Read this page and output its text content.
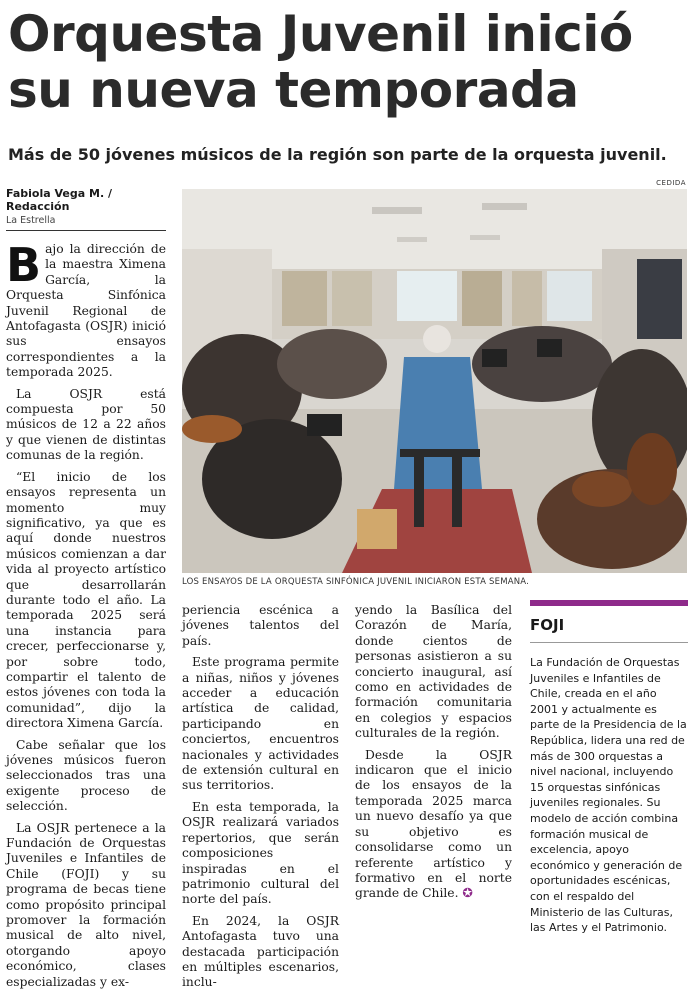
Orquesta Juvenil inició
su nueva temporada
Más de 50 jóvenes músicos de la región son parte de la orquesta juvenil.
Fabiola Vega M. / Redacción
La Estrella
CEDIDA
LOS ENSAYOS DE LA ORQUESTA SINFÓNICA JUVENIL INICIARON ESTA SEMANA.

Bajo la dirección de la maestra Ximena García, la Orquesta Sinfónica Juvenil Regional de Antofagasta (OSJR) inició sus ensayos correspondientes a la temporada 2025.

La OSJR está compuesta por 50 músicos de 12 a 22 años y que vienen de distintas comunas de la región.

“El inicio de los ensayos representa un momento muy significativo, ya que es aquí donde nuestros músicos comienzan a dar vida al proyecto artístico que desarrollarán durante todo el año. La temporada 2025 será una instancia para crecer, perfeccionarse y, por sobre todo, compartir el talento de estos jóvenes con toda la comunidad”, dijo la directora Ximena García.

Cabe señalar que los jóvenes músicos fueron seleccionados tras una exigente proceso de selección.

La OSJR pertenece a la Fundación de Orquestas Juveniles e Infantiles de Chile (FOJI) y su programa de becas tiene como propósito principal promover la formación musical de alto nivel, otorgando apoyo económico, clases especializadas y ex-

periencia escénica a jóvenes talentos del país.

Este programa permite a niñas, niños y jóvenes acceder a educación artística de calidad, participando en conciertos, encuentros nacionales y actividades de extensión cultural en sus territorios.

En esta temporada, la OSJR realizará variados repertorios, que serán composiciones inspiradas en el patrimonio cultural del norte del país.

En 2024, la OSJR Antofagasta tuvo una destacada participación en múltiples escenarios, inclu-

yendo la Basílica del Corazón de María, donde cientos de personas asistieron a su concierto inaugural, así como en actividades de formación comunitaria en colegios y espacios culturales de la región.

Desde la OSJR indicaron que el inicio de los ensayos de la temporada 2025 marca un nuevo desafío ya que su objetivo es consolidarse como un referente artístico y formativo en el norte grande de Chile. ✪

FOJI
La Fundación de Orquestas Juveniles e Infantiles de Chile, creada en el año 2001 y actualmente es parte de la Presidencia de la República, lidera una red de más de 300 orquestas a nivel nacional, incluyendo 15 orquestas sinfónicas juveniles regionales. Su modelo de acción combina formación musical de excelencia, apoyo económico y generación de oportunidades escénicas, con el respaldo del Ministerio de las Culturas, las Artes y el Patrimonio.
